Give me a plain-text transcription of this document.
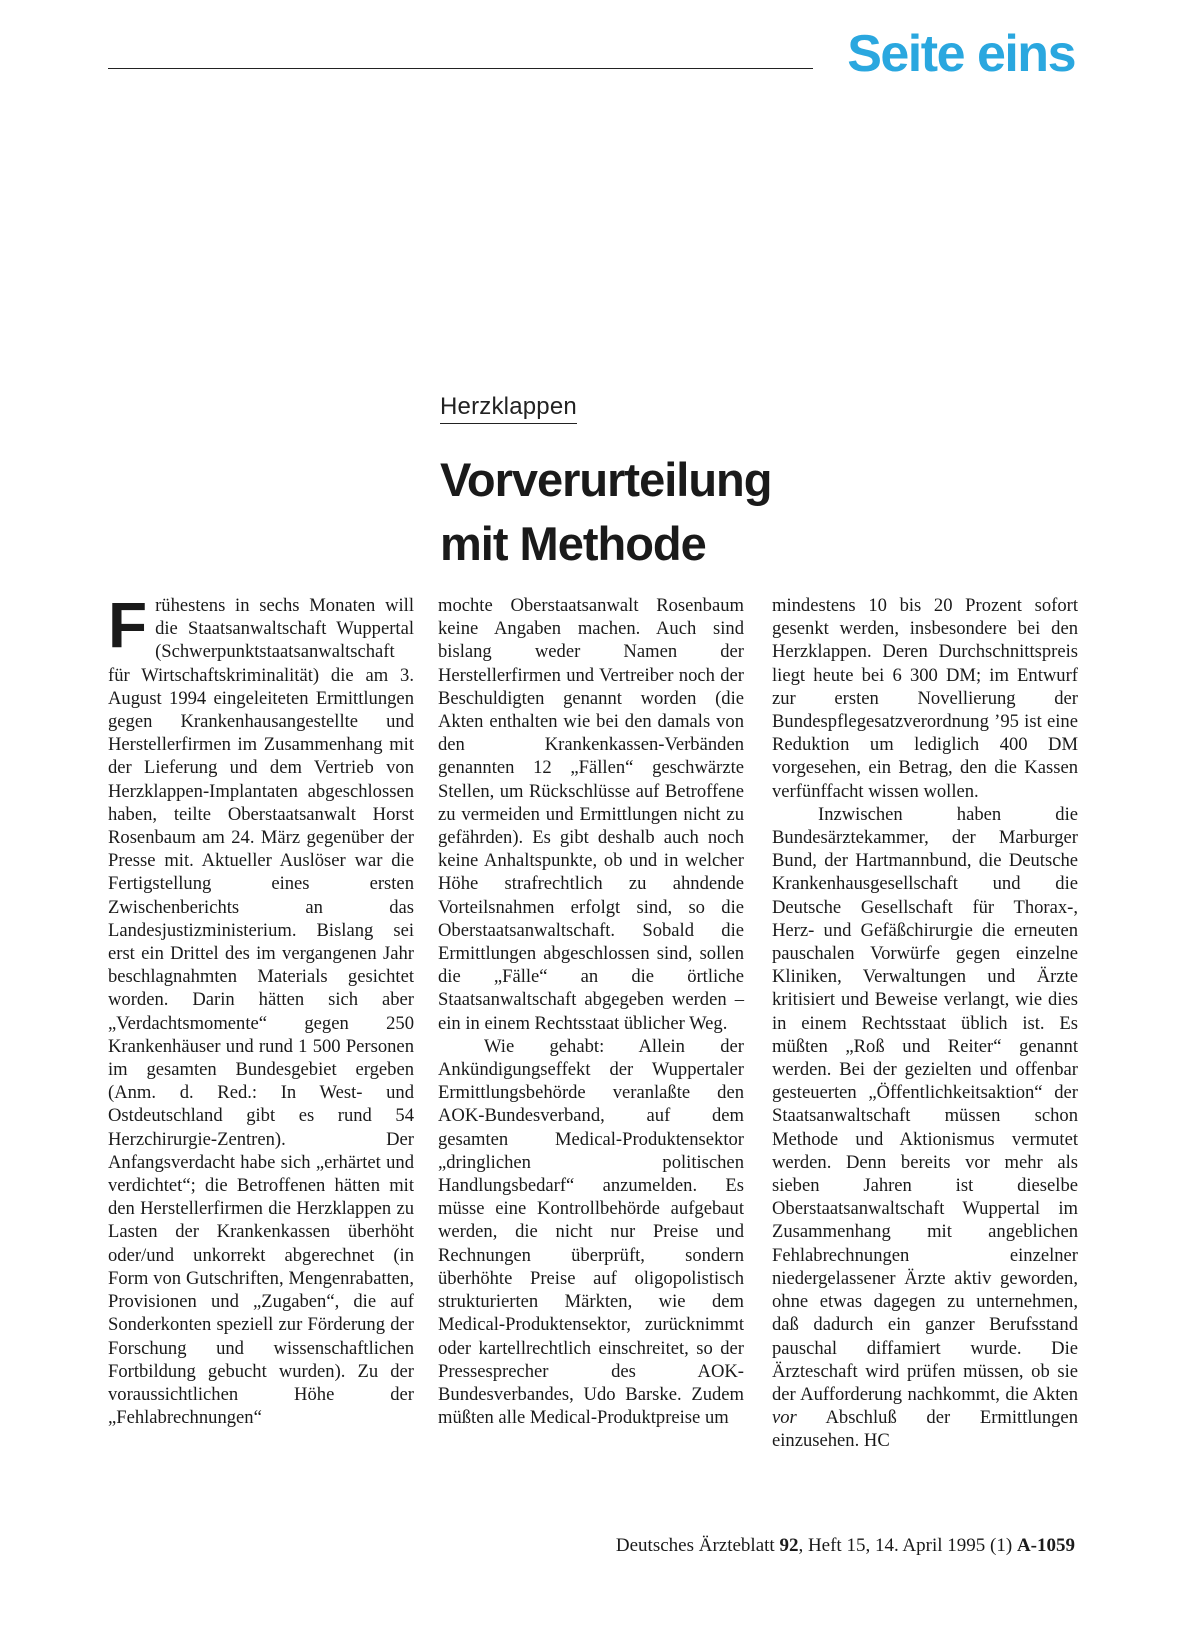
Seite eins
Herzklappen
Vorverurteilung
mit Methode

Frühestens in sechs Monaten will die Staatsanwaltschaft Wuppertal (Schwerpunktstaatsanwaltschaft für Wirtschaftskriminalität) die am 3. August 1994 eingeleiteten Ermittlungen gegen Krankenhausangestellte und Herstellerfirmen im Zusammenhang mit der Lieferung und dem Vertrieb von Herzklappen-Implantaten abgeschlossen haben, teilte Oberstaatsanwalt Horst Rosenbaum am 24. März gegenüber der Presse mit. Aktueller Auslöser war die Fertigstellung eines ersten Zwischenberichts an das Landesjustizministerium. Bislang sei erst ein Drittel des im vergangenen Jahr beschlagnahmten Materials gesichtet worden. Darin hätten sich aber „Verdachtsmomente“ gegen 250 Krankenhäuser und rund 1 500 Personen im gesamten Bundesgebiet ergeben (Anm. d. Red.: In West- und Ostdeutschland gibt es rund 54 Herzchirurgie-Zentren). Der Anfangsverdacht habe sich „erhärtet und verdichtet“; die Betroffenen hätten mit den Herstellerfirmen die Herzklappen zu Lasten der Krankenkassen überhöht oder/und unkorrekt abgerechnet (in Form von Gutschriften, Mengenrabatten, Provisionen und „Zugaben“, die auf Sonderkonten speziell zur Förderung der Forschung und wissenschaftlichen Fortbildung gebucht wurden). Zu der voraussichtlichen Höhe der „Fehlabrechnungen“

mochte Oberstaatsanwalt Rosenbaum keine Angaben machen. Auch sind bislang weder Namen der Herstellerfirmen und Vertreiber noch der Beschuldigten genannt worden (die Akten enthalten wie bei den damals von den Krankenkassen-Verbänden genannten 12 „Fällen“ geschwärzte Stellen, um Rückschlüsse auf Betroffene zu vermeiden und Ermittlungen nicht zu gefährden). Es gibt deshalb auch noch keine Anhaltspunkte, ob und in welcher Höhe strafrechtlich zu ahndende Vorteilsnahmen erfolgt sind, so die Oberstaatsanwaltschaft. Sobald die Ermittlungen abgeschlossen sind, sollen die „Fälle“ an die örtliche Staatsanwaltschaft abgegeben werden – ein in einem Rechtsstaat üblicher Weg.

Wie gehabt: Allein der Ankündigungseffekt der Wuppertaler Ermittlungsbehörde veranlaßte den AOK-Bundesverband, auf dem gesamten Medical-Produktensektor „dringlichen politischen Handlungsbedarf“ anzumelden. Es müsse eine Kontrollbehörde aufgebaut werden, die nicht nur Preise und Rechnungen überprüft, sondern überhöhte Preise auf oligopolistisch strukturierten Märkten, wie dem Medical-Produktensektor, zurücknimmt oder kartellrechtlich einschreitet, so der Pressesprecher des AOK-Bundesverbandes, Udo Barske. Zudem müßten alle Medical-Produktpreise um

mindestens 10 bis 20 Prozent sofort gesenkt werden, insbesondere bei den Herzklappen. Deren Durchschnittspreis liegt heute bei 6 300 DM; im Entwurf zur ersten Novellierung der Bundespflegesatzverordnung ’95 ist eine Reduktion um lediglich 400 DM vorgesehen, ein Betrag, den die Kassen verfünffacht wissen wollen.

Inzwischen haben die Bundesärztekammer, der Marburger Bund, der Hartmannbund, die Deutsche Krankenhausgesellschaft und die Deutsche Gesellschaft für Thorax-, Herz- und Gefäßchirurgie die erneuten pauschalen Vorwürfe gegen einzelne Kliniken, Verwaltungen und Ärzte kritisiert und Beweise verlangt, wie dies in einem Rechtsstaat üblich ist. Es müßten „Roß und Reiter“ genannt werden. Bei der gezielten und offenbar gesteuerten „Öffentlichkeitsaktion“ der Staatsanwaltschaft müssen schon Methode und Aktionismus vermutet werden. Denn bereits vor mehr als sieben Jahren ist dieselbe Oberstaatsanwaltschaft Wuppertal im Zusammenhang mit angeblichen Fehlabrechnungen einzelner niedergelassener Ärzte aktiv geworden, ohne etwas dagegen zu unternehmen, daß dadurch ein ganzer Berufsstand pauschal diffamiert wurde. Die Ärzteschaft wird prüfen müssen, ob sie der Aufforderung nachkommt, die Akten vor Abschluß der Ermittlungen einzusehen. HC

Deutsches Ärzteblatt 92, Heft 15, 14. April 1995 (1) A-1059
